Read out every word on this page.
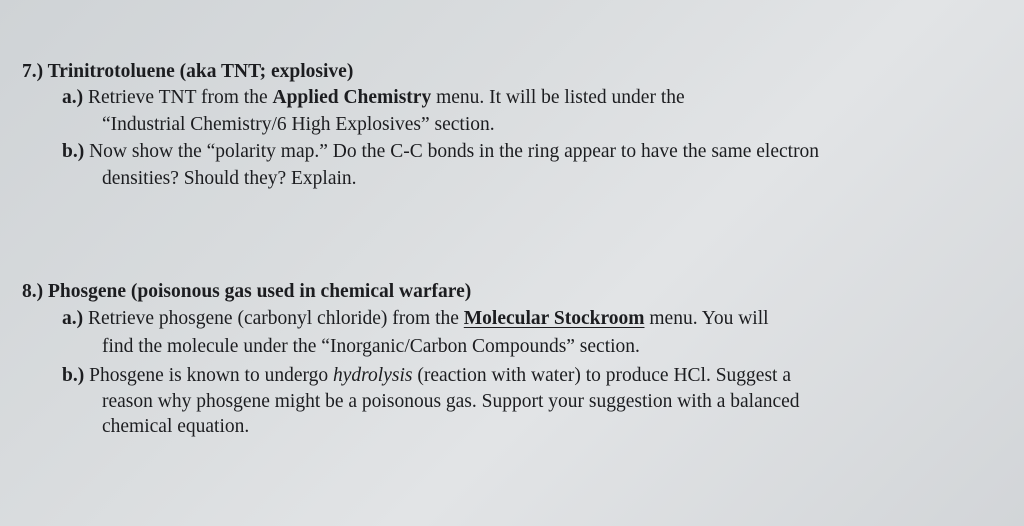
7.) Trinitrotoluene (aka TNT; explosive)
a.) Retrieve TNT from the Applied Chemistry menu. It will be listed under the
“Industrial Chemistry/6 High Explosives” section.
b.) Now show the “polarity map.” Do the C-C bonds in the ring appear to have the same electron
densities? Should they? Explain.
8.) Phosgene (poisonous gas used in chemical warfare)
a.) Retrieve phosgene (carbonyl chloride) from the Molecular Stockroom menu. You will
find the molecule under the “Inorganic/Carbon Compounds” section.
b.) Phosgene is known to undergo hydrolysis (reaction with water) to produce HCl. Suggest a
reason why phosgene might be a poisonous gas. Support your suggestion with a balanced
chemical equation.
